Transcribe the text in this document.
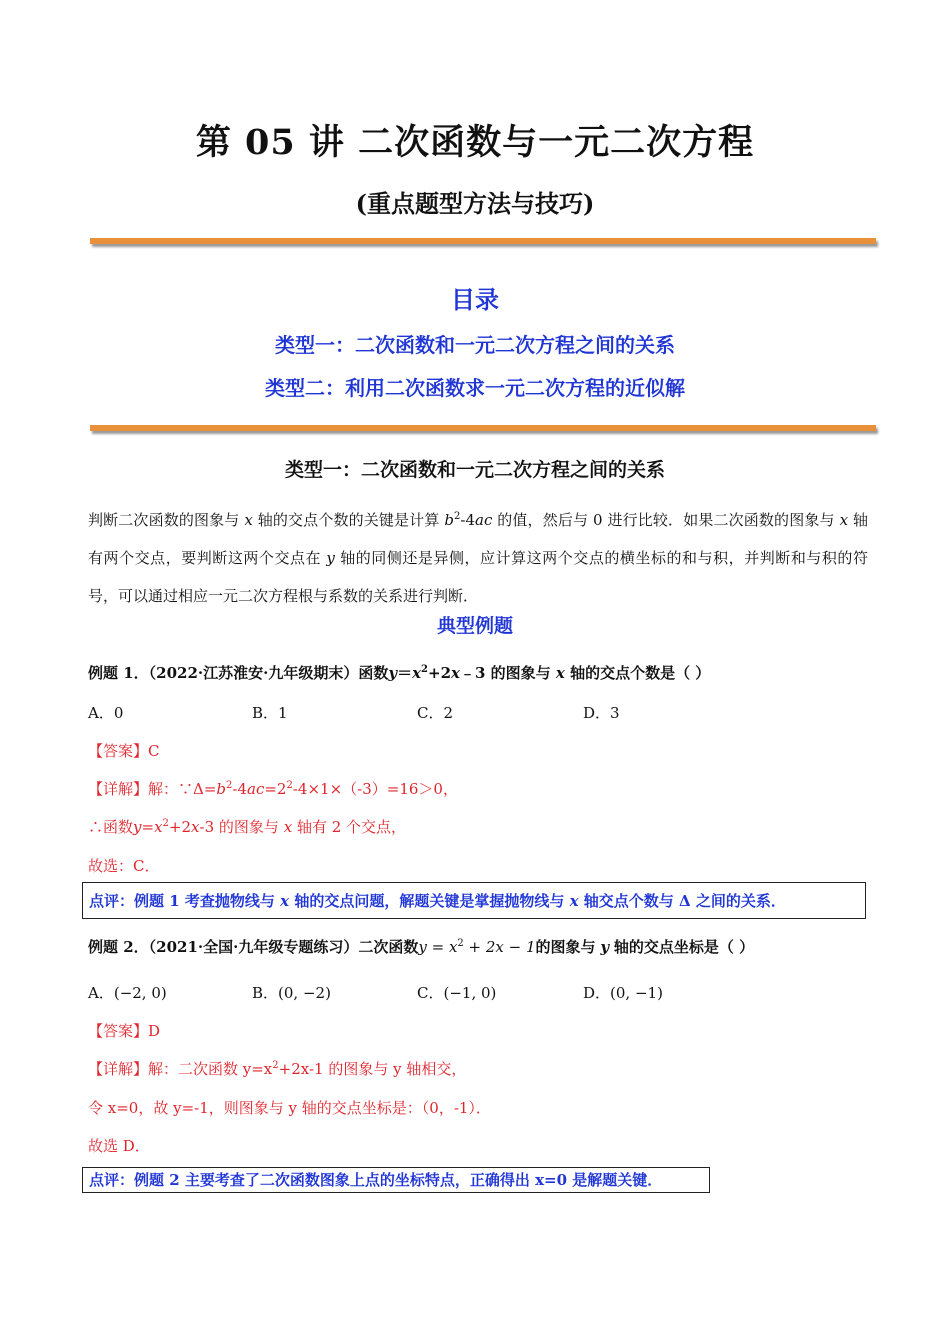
第 05 讲 二次函数与一元二次方程
(重点题型方法与技巧)
目录
类型一：二次函数和一元二次方程之间的关系
类型二：利用二次函数求一元二次方程的近似解
类型一：二次函数和一元二次方程之间的关系
判断二次函数的图象与 x 轴的交点个数的关键是计算 $b^2-4ac$ 的值，然后与 0 进行比较．如果二次函数的图象与 x 轴有两个交点，要判断这两个交点在 y 轴的同侧还是异侧，应计算这两个交点的横坐标的和与积，并判断和与积的符号，可以通过相应一元二次方程根与系数的关系进行判断．
典型例题
例题 1．（2022·江苏淮安·九年级期末）函数$y=x^2+2x﹣3$ 的图象与 x 轴的交点个数是（ ）
A．0	B．1	C．2	D．3
【答案】C
【详解】解：$\because\Delta=b^2-4ac=2^2-4\times 1\times(-3)=16>0$，
∴函数$y=x^2+2x-3$ 的图象与 x 轴有 2 个交点，
故选：C．
点评：例题 1 考查抛物线与 x 轴的交点问题，解题关键是掌握抛物线与 x 轴交点个数与 Δ 之间的关系．
例题 2．（2021·全国·九年级专题练习）二次函数$y = x^2 + 2x - 1$的图象与 y 轴的交点坐标是（ ）
A．(−2, 0)	B．(0, −2)	C．(−1, 0)	D．(0, −1)
【答案】D
【详解】解：二次函数 $y=x^2+2x-1$ 的图象与 y 轴相交，
令 x=0，故 y=-1，则图象与 y 轴的交点坐标是：（0，-1）．
故选 D．
点评：例题 2 主要考查了二次函数图象上点的坐标特点，正确得出 x=0 是解题关键．
